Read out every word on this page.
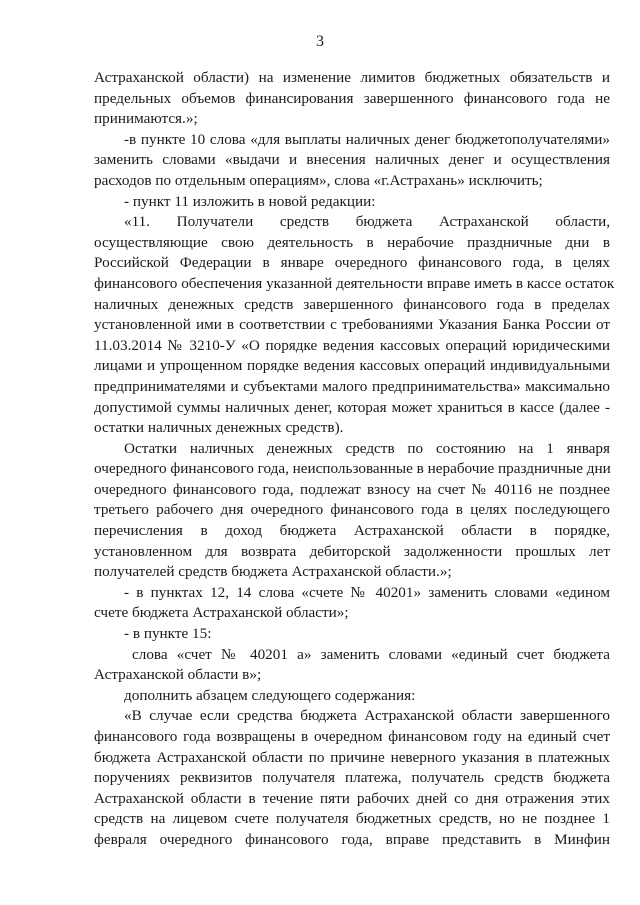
3
Астраханской области) на изменение лимитов бюджетных обязательств и
предельных объемов финансирования завершенного финансового года не
принимаются.»;
-в пункте 10 слова «для выплаты наличных денег бюджетополучателями»
заменить словами «выдачи и внесения наличных денег и осуществления
расходов по отдельным операциям», слова «г.Астрахань» исключить;
- пункт 11 изложить в новой редакции:
«11. Получатели средств бюджета Астраханской области,
осуществляющие свою деятельность в нерабочие праздничные дни в
Российской Федерации в январе очередного финансового года, в целях
финансового обеспечения указанной деятельности вправе иметь в кассе остаток
наличных денежных средств завершенного финансового года в пределах
установленной ими в соответствии с требованиями Указания Банка России от
11.03.2014 № 3210-У «О порядке ведения кассовых операций юридическими
лицами и упрощенном порядке ведения кассовых операций индивидуальными
предпринимателями и субъектами малого предпринимательства» максимально
допустимой суммы наличных денег, которая может храниться в кассе (далее -
остатки наличных денежных средств).
Остатки наличных денежных средств по состоянию на 1 января
очередного финансового года, неиспользованные в нерабочие праздничные дни
очередного финансового года, подлежат взносу на счет № 40116 не позднее
третьего рабочего дня очередного финансового года в целях последующего
перечисления в доход бюджета Астраханской области в порядке,
установленном для возврата дебиторской задолженности прошлых лет
получателей средств бюджета Астраханской области.»;
- в пунктах 12, 14 слова «счете № 40201» заменить словами «едином
счете бюджета Астраханской области»;
- в пункте 15:
слова «счет № 40201 а» заменить словами «единый счет бюджета
Астраханской области в»;
дополнить абзацем следующего содержания:
«В случае если средства бюджета Астраханской области завершенного
финансового года возвращены в очередном финансовом году на единый счет
бюджета Астраханской области по причине неверного указания в платежных
поручениях реквизитов получателя платежа, получатель средств бюджета
Астраханской области в течение пяти рабочих дней со дня отражения этих
средств на лицевом счете получателя бюджетных средств, но не позднее 1
февраля очередного финансового года, вправе представить в Минфин
